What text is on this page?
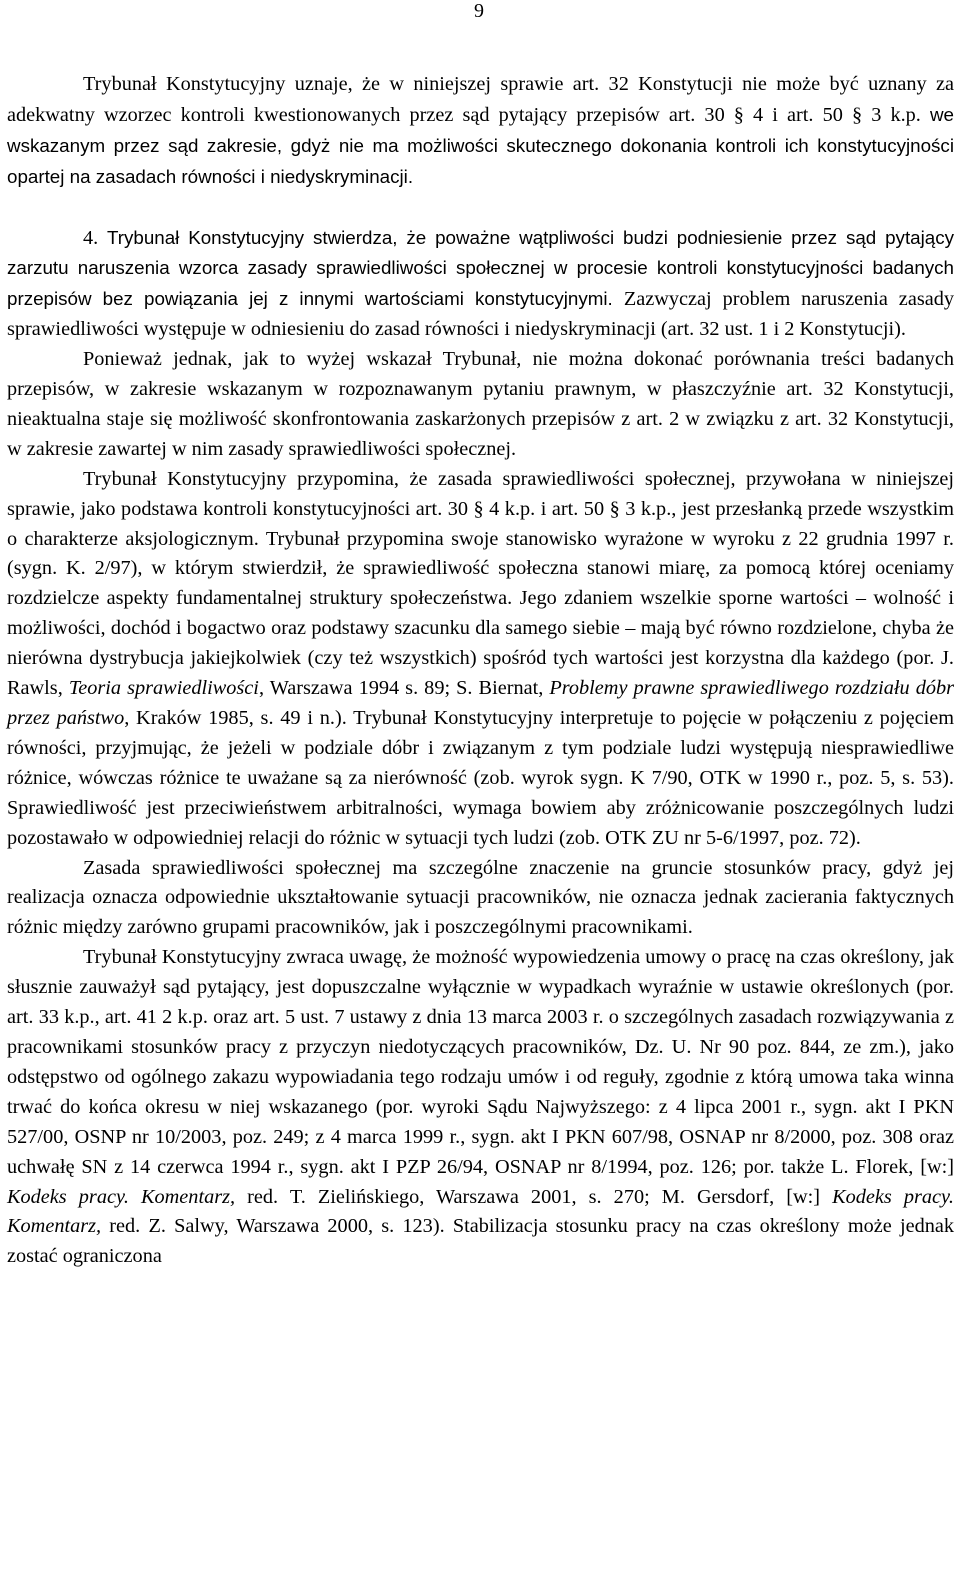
9

Trybunał Konstytucyjny uznaje, że w niniejszej sprawie art. 32 Konstytucji nie może być uznany za adekwatny wzorzec kontroli kwestionowanych przez sąd pytający przepisów art. 30 § 4 i art. 50 § 3 k.p. we wskazanym przez sąd zakresie, gdyż nie ma możliwości skutecznego dokonania kontroli ich konstytucyjności opartej na zasadach równości i niedyskryminacji.

4. Trybunał Konstytucyjny stwierdza, że poważne wątpliwości budzi podniesienie przez sąd pytający zarzutu naruszenia wzorca zasady sprawiedliwości społecznej w procesie kontroli konstytucyjności badanych przepisów bez powiązania jej z innymi wartościami konstytucyjnymi. Zazwyczaj problem naruszenia zasady sprawiedliwości występuje w odniesieniu do zasad równości i niedyskryminacji (art. 32 ust. 1 i 2 Konstytucji).

Ponieważ jednak, jak to wyżej wskazał Trybunał, nie można dokonać porównania treści badanych przepisów, w zakresie wskazanym w rozpoznawanym pytaniu prawnym, w płaszczyźnie art. 32 Konstytucji, nieaktualna staje się możliwość skonfrontowania zaskarżonych przepisów z art. 2 w związku z art. 32 Konstytucji, w zakresie zawartej w nim zasady sprawiedliwości społecznej.

Trybunał Konstytucyjny przypomina, że zasada sprawiedliwości społecznej, przywołana w niniejszej sprawie, jako podstawa kontroli konstytucyjności art. 30 § 4 k.p. i art. 50 § 3 k.p., jest przesłanką przede wszystkim o charakterze aksjologicznym. Trybunał przypomina swoje stanowisko wyrażone w wyroku z 22 grudnia 1997 r. (sygn. K. 2/97), w którym stwierdził, że sprawiedliwość społeczna stanowi miarę, za pomocą której oceniamy rozdzielcze aspekty fundamentalnej struktury społeczeństwa. Jego zdaniem wszelkie sporne wartości – wolność i możliwości, dochód i bogactwo oraz podstawy szacunku dla samego siebie – mają być równo rozdzielone, chyba że nierówna dystrybucja jakiejkolwiek (czy też wszystkich) spośród tych wartości jest korzystna dla każdego (por. J. Rawls, Teoria sprawiedliwości, Warszawa 1994 s. 89; S. Biernat, Problemy prawne sprawiedliwego rozdziału dóbr przez państwo, Kraków 1985, s. 49 i n.). Trybunał Konstytucyjny interpretuje to pojęcie w połączeniu z pojęciem równości, przyjmując, że jeżeli w podziale dóbr i związanym z tym podziale ludzi występują niesprawiedliwe różnice, wówczas różnice te uważane są za nierówność (zob. wyrok sygn. K 7/90, OTK w 1990 r., poz. 5, s. 53). Sprawiedliwość jest przeciwieństwem arbitralności, wymaga bowiem aby zróżnicowanie poszczególnych ludzi pozostawało w odpowiedniej relacji do różnic w sytuacji tych ludzi (zob. OTK ZU nr 5-6/1997, poz. 72).

Zasada sprawiedliwości społecznej ma szczególne znaczenie na gruncie stosunków pracy, gdyż jej realizacja oznacza odpowiednie ukształtowanie sytuacji pracowników, nie oznacza jednak zacierania faktycznych różnic między zarówno grupami pracowników, jak i poszczególnymi pracownikami.

Trybunał Konstytucyjny zwraca uwagę, że możność wypowiedzenia umowy o pracę na czas określony, jak słusznie zauważył sąd pytający, jest dopuszczalne wyłącznie w wypadkach wyraźnie w ustawie określonych (por. art. 33 k.p., art. 41 2 k.p. oraz art. 5 ust. 7 ustawy z dnia 13 marca 2003 r. o szczególnych zasadach rozwiązywania z pracownikami stosunków pracy z przyczyn niedotyczących pracowników, Dz. U. Nr 90 poz. 844, ze zm.), jako odstępstwo od ogólnego zakazu wypowiadania tego rodzaju umów i od reguły, zgodnie z którą umowa taka winna trwać do końca okresu w niej wskazanego (por. wyroki Sądu Najwyższego: z 4 lipca 2001 r., sygn. akt I PKN 527/00, OSNP nr 10/2003, poz. 249; z 4 marca 1999 r., sygn. akt I PKN 607/98, OSNAP nr 8/2000, poz. 308 oraz uchwałę SN z 14 czerwca 1994 r., sygn. akt I PZP 26/94, OSNAP nr 8/1994, poz. 126; por. także L. Florek, [w:] Kodeks pracy. Komentarz, red. T. Zielińskiego, Warszawa 2001, s. 270; M. Gersdorf, [w:] Kodeks pracy. Komentarz, red. Z. Salwy, Warszawa 2000, s. 123). Stabilizacja stosunku pracy na czas określony może jednak zostać ograniczona
